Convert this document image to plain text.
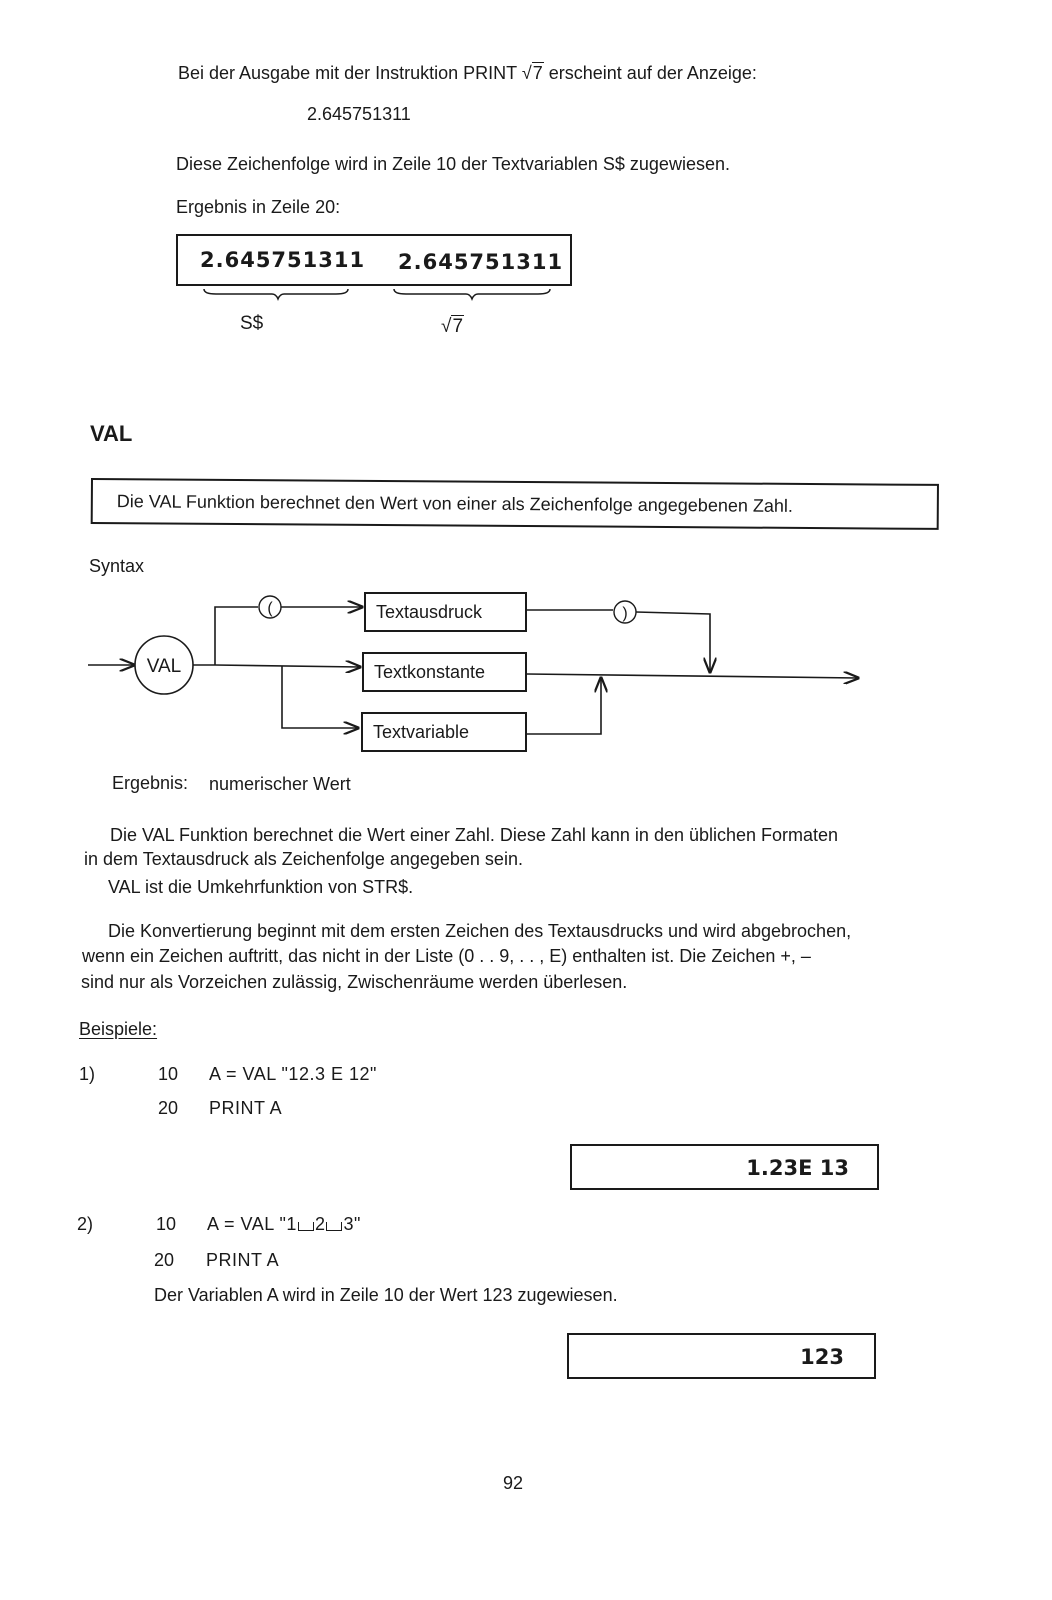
Bei der Ausgabe mit der Instruktion PRINT √7 erscheint auf der Anzeige:
2.645751311
Diese Zeichenfolge wird in Zeile 10 der Textvariablen S$ zugewiesen.
Ergebnis in Zeile 20:
2.645751311 2.645751311
S$	√7
VAL
Die VAL Funktion berechnet den Wert von einer als Zeichenfolge angegebenen Zahl.
Syntax
VAL
(	)
Textausdruck
Textkonstante
Textvariable
Ergebnis: numerischer Wert
Die VAL Funktion berechnet die Wert einer Zahl. Diese Zahl kann in den üblichen Formaten
in dem Textausdruck als Zeichenfolge angegeben sein.
VAL ist die Umkehrfunktion von STR$.
Die Konvertierung beginnt mit dem ersten Zeichen des Textausdrucks und wird abgebrochen,
wenn ein Zeichen auftritt, das nicht in der Liste (0 . . 9, . . , E) enthalten ist. Die Zeichen +, –
sind nur als Vorzeichen zulässig, Zwischenräume werden überlesen.
Beispiele:
1)	10 A = VAL "12.3 E 12"
20 PRINT A
1.23E 13
2)	10 A = VAL "1 2 3"
20 PRINT A
Der Variablen A wird in Zeile 10 der Wert 123 zugewiesen.
123
92
